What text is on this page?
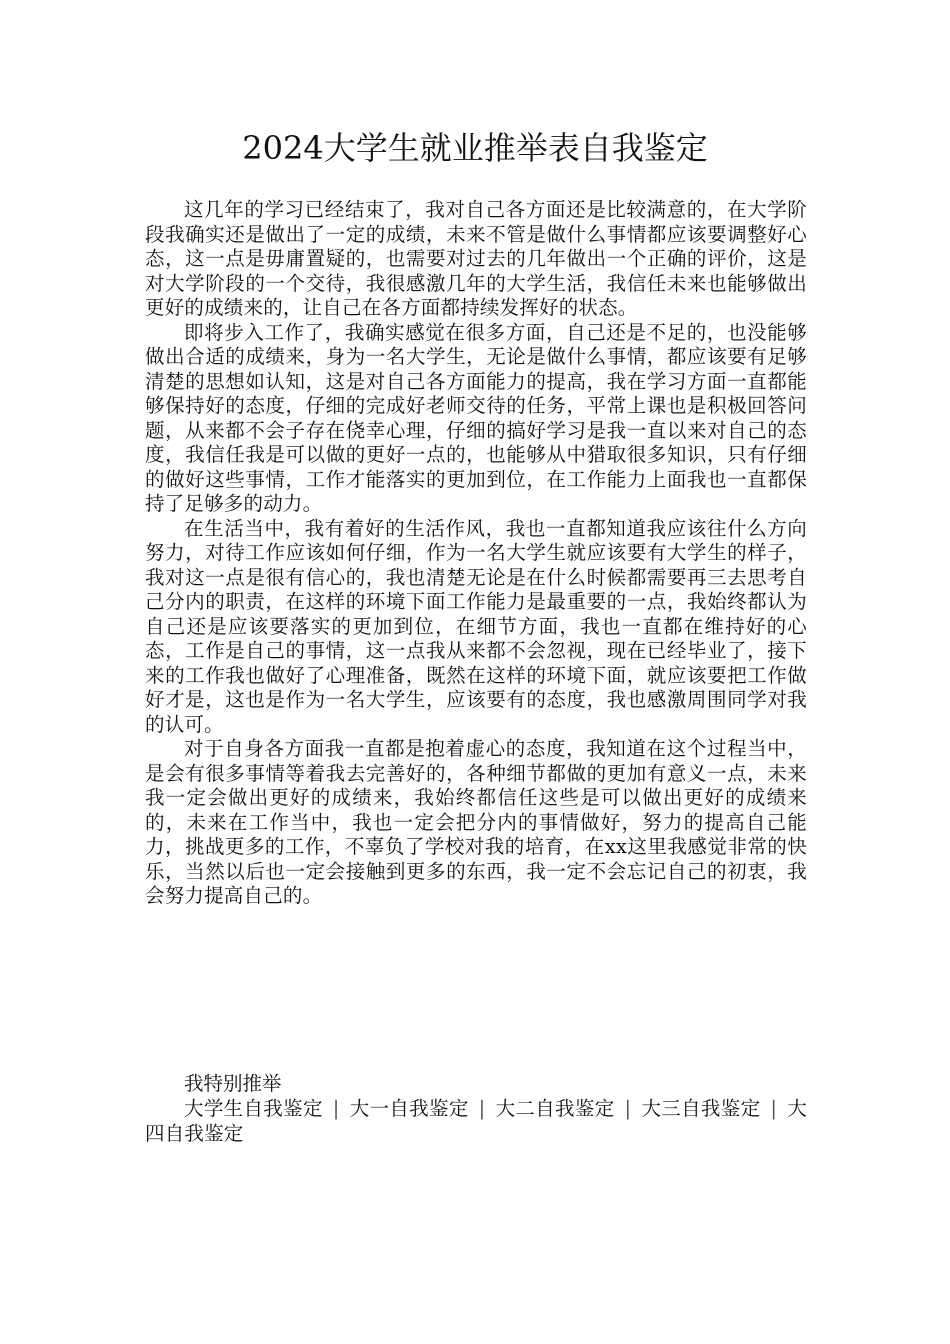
2024大学生就业推举表自我鉴定

这几年的学习已经结束了，我对自己各方面还是比较满意的，在大学阶段我确实还是做出了一定的成绩，未来不管是做什么事情都应该要调整好心态，这一点是毋庸置疑的，也需要对过去的几年做出一个正确的评价，这是对大学阶段的一个交待，我很感激几年的大学生活，我信任未来也能够做出更好的成绩来的，让自己在各方面都持续发挥好的状态。

即将步入工作了，我确实感觉在很多方面，自己还是不足的，也没能够做出合适的成绩来，身为一名大学生，无论是做什么事情，都应该要有足够清楚的思想如认知，这是对自己各方面能力的提高，我在学习方面一直都能够保持好的态度，仔细的完成好老师交待的任务，平常上课也是积极回答问题，从来都不会子存在侥幸心理，仔细的搞好学习是我一直以来对自己的态度，我信任我是可以做的更好一点的，也能够从中猎取很多知识，只有仔细的做好这些事情，工作才能落实的更加到位，在工作能力上面我也一直都保持了足够多的动力。

在生活当中，我有着好的生活作风，我也一直都知道我应该往什么方向努力，对待工作应该如何仔细，作为一名大学生就应该要有大学生的样子，我对这一点是很有信心的，我也清楚无论是在什么时候都需要再三去思考自己分内的职责，在这样的环境下面工作能力是最重要的一点，我始终都认为自己还是应该要落实的更加到位，在细节方面，我也一直都在维持好的心态，工作是自己的事情，这一点我从来都不会忽视，现在已经毕业了，接下来的工作我也做好了心理准备，既然在这样的环境下面，就应该要把工作做好才是，这也是作为一名大学生，应该要有的态度，我也感激周围同学对我的认可。

对于自身各方面我一直都是抱着虚心的态度，我知道在这个过程当中，是会有很多事情等着我去完善好的，各种细节都做的更加有意义一点，未来我一定会做出更好的成绩来，我始终都信任这些是可以做出更好的成绩来的，未来在工作当中，我也一定会把分内的事情做好，努力的提高自己能力，挑战更多的工作，不辜负了学校对我的培育，在xx这里我感觉非常的快乐，当然以后也一定会接触到更多的东西，我一定不会忘记自己的初衷，我会努力提高自己的。

我特别推举

大学生自我鉴定 | 大一自我鉴定 | 大二自我鉴定 | 大三自我鉴定 | 大四自我鉴定
